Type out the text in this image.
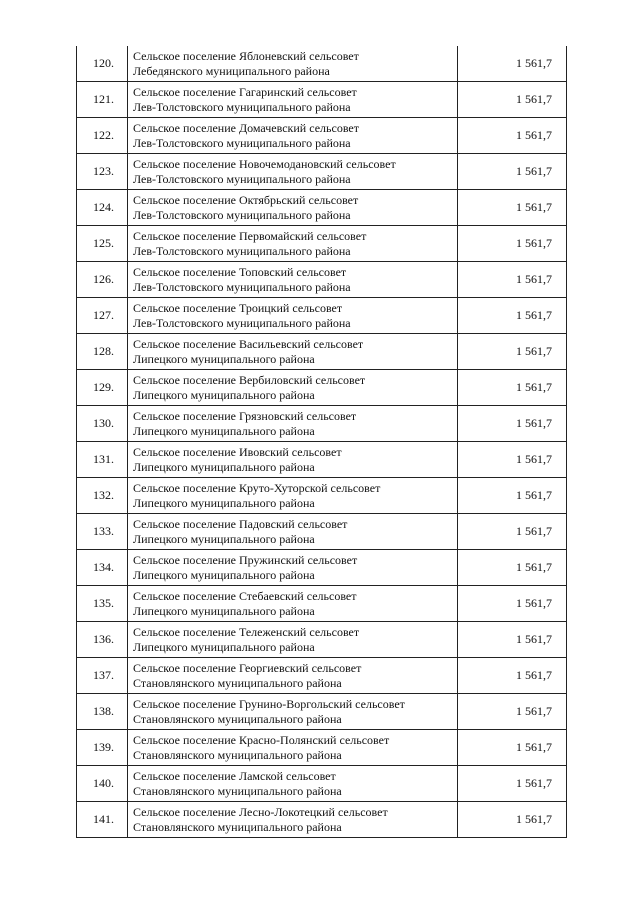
120.	Сельское поселение Яблоневский сельсовет
Лебедянского муниципального района	1 561,7
121.	Сельское поселение Гагаринский сельсовет
Лев-Толстовского муниципального района	1 561,7
122.	Сельское поселение Домачевский сельсовет
Лев-Толстовского муниципального района	1 561,7
123.	Сельское поселение Новочемодановский сельсовет
Лев-Толстовского муниципального района	1 561,7
124.	Сельское поселение Октябрьский сельсовет
Лев-Толстовского муниципального района	1 561,7
125.	Сельское поселение Первомайский сельсовет
Лев-Толстовского муниципального района	1 561,7
126.	Сельское поселение Топовский сельсовет
Лев-Толстовского муниципального района	1 561,7
127.	Сельское поселение Троицкий сельсовет
Лев-Толстовского муниципального района	1 561,7
128.	Сельское поселение Васильевский сельсовет
Липецкого муниципального района	1 561,7
129.	Сельское поселение Вербиловский сельсовет
Липецкого муниципального района	1 561,7
130.	Сельское поселение Грязновский сельсовет
Липецкого муниципального района	1 561,7
131.	Сельское поселение Ивовский сельсовет
Липецкого муниципального района	1 561,7
132.	Сельское поселение Круто-Хуторской сельсовет
Липецкого муниципального района	1 561,7
133.	Сельское поселение Падовский сельсовет
Липецкого муниципального района	1 561,7
134.	Сельское поселение Пружинский сельсовет
Липецкого муниципального района	1 561,7
135.	Сельское поселение Стебаевский сельсовет
Липецкого муниципального района	1 561,7
136.	Сельское поселение Тележенский сельсовет
Липецкого муниципального района	1 561,7
137.	Сельское поселение Георгиевский сельсовет
Становлянского муниципального района	1 561,7
138.	Сельское поселение Грунино-Воргольский сельсовет
Становлянского муниципального района	1 561,7
139.	Сельское поселение Красно-Полянский сельсовет
Становлянского муниципального района	1 561,7
140.	Сельское поселение Ламской сельсовет
Становлянского муниципального района	1 561,7
141.	Сельское поселение Лесно-Локотецкий сельсовет
Становлянского муниципального района	1 561,7
